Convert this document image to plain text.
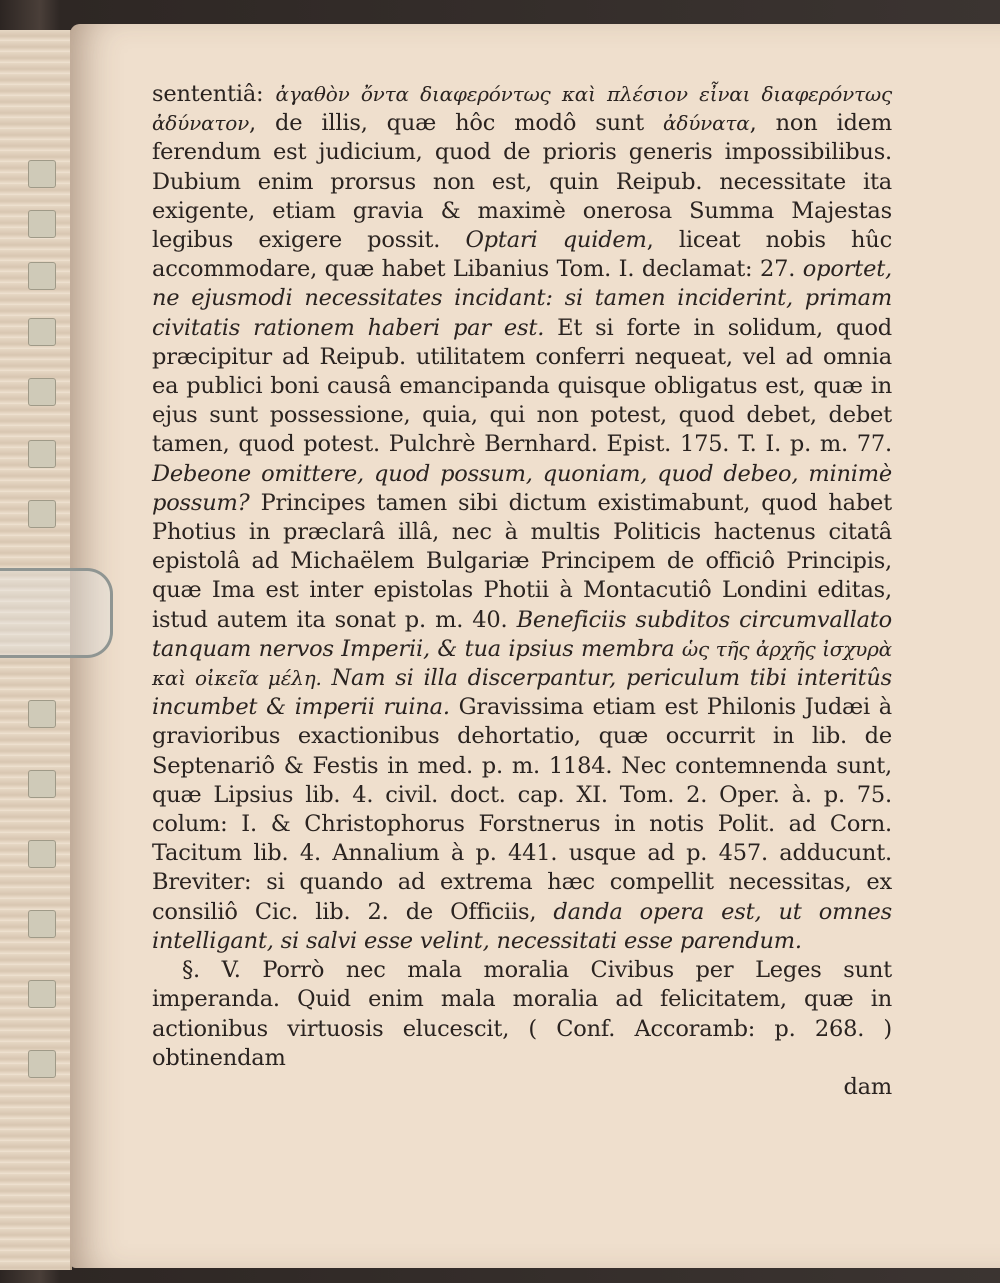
sententiâ: ἀγαθὸν ὄντα διαφερόντως καὶ πλέσιον εἶναι διαφερόντως ἀδύνατον, de illis, quæ hôc modô sunt ἀδύνατα, non idem ferendum est judicium, quod de prioris generis impossibilibus. Dubium enim prorsus non est, quin Reipub. necessitate ita exigente, etiam gravia & maximè onerosa Summa Majestas legibus exigere possit. Optari quidem, liceat nobis hûc accommodare, quæ habet Libanius Tom. I. declamat: 27. oportet, ne ejusmodi necessitates incidant: si tamen inciderint, primam civitatis rationem haberi par est. Et si forte in solidum, quod præcipitur ad Reipub. utilitatem conferri nequeat, vel ad omnia ea publici boni causâ emancipanda quisque obligatus est, quæ in ejus sunt possessione, quia, qui non potest, quod debet, debet tamen, quod potest. Pulchrè Bernhard. Epist. 175. T. I. p. m. 77. Debeone omittere, quod possum, quoniam, quod debeo, minimè possum? Principes tamen sibi dictum existimabunt, quod habet Photius in præclarâ illâ, nec à multis Politicis hactenus citatâ epistolâ ad Michaëlem Bulgariæ Principem de officiô Principis, quæ Ima est inter epistolas Photii à Montacutiô Londini editas, istud autem ita sonat p. m. 40. Beneficiis subditos circumvallato tanquam nervos Imperii, & tua ipsius membra ὡς τῆς ἀρχῆς ἰσχυρὰ καὶ οἰκεῖα μέλη. Nam si illa discerpantur, periculum tibi interitûs incumbet & imperii ruina. Gravissima etiam est Philonis Judæi à gravioribus exactionibus dehortatio, quæ occurrit in lib. de Septenariô & Festis in med. p. m. 1184. Nec contemnenda sunt, quæ Lipsius lib. 4. civil. doct. cap. XI. Tom. 2. Oper. à. p. 75. colum: I. & Christophorus Forstnerus in notis Polit. ad Corn. Tacitum lib. 4. Annalium à p. 441. usque ad p. 457. adducunt. Breviter: si quando ad extrema hæc compellit necessitas, ex consiliô Cic. lib. 2. de Officiis, danda opera est, ut omnes intelligant, si salvi esse velint, necessitati esse parendum.

§. V. Porrò nec mala moralia Civibus per Leges sunt imperanda. Quid enim mala moralia ad felicitatem, quæ in actionibus virtuosis elucescit, ( Conf. Accoramb: p. 268. ) obtinendam

dam
